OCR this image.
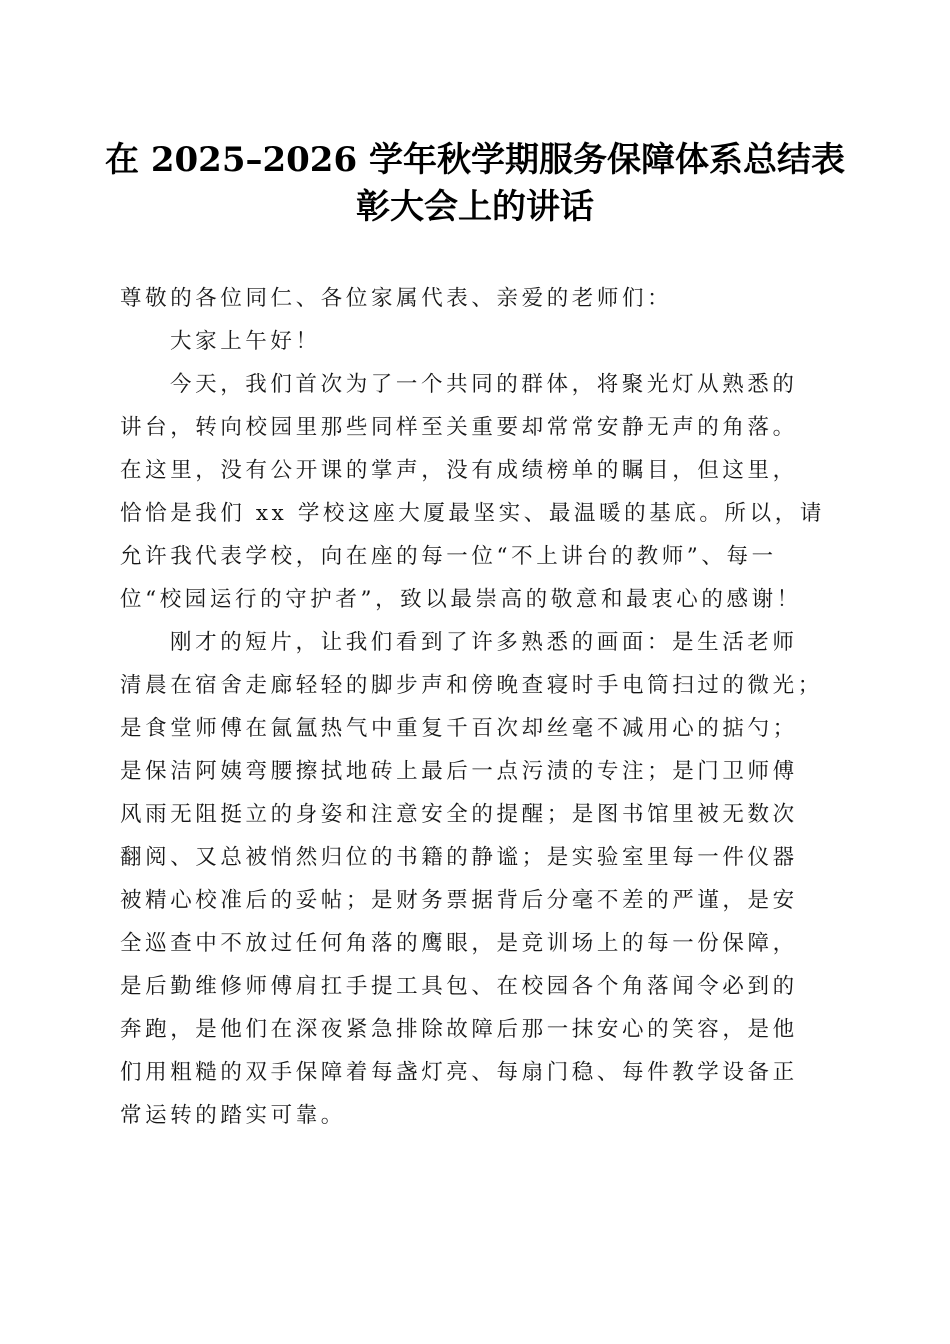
在 2025–2026 学年秋学期服务保障体系总结表
彰大会上的讲话
尊敬的各位同仁、各位家属代表、亲爱的老师们：
大家上午好！
今天，我们首次为了一个共同的群体，将聚光灯从熟悉的
讲台，转向校园里那些同样至关重要却常常安静无声的角落。
在这里，没有公开课的掌声，没有成绩榜单的瞩目，但这里，
恰恰是我们 xx 学校这座大厦最坚实、最温暖的基底。所以，请
允许我代表学校，向在座的每一位“不上讲台的教师”、每一
位“校园运行的守护者”，致以最崇高的敬意和最衷心的感谢！
刚才的短片，让我们看到了许多熟悉的画面：是生活老师
清晨在宿舍走廊轻轻的脚步声和傍晚查寝时手电筒扫过的微光；
是食堂师傅在氤氲热气中重复千百次却丝毫不减用心的掂勺；
是保洁阿姨弯腰擦拭地砖上最后一点污渍的专注；是门卫师傅
风雨无阻挺立的身姿和注意安全的提醒；是图书馆里被无数次
翻阅、又总被悄然归位的书籍的静谧；是实验室里每一件仪器
被精心校准后的妥帖；是财务票据背后分毫不差的严谨，是安
全巡查中不放过任何角落的鹰眼，是竞训场上的每一份保障，
是后勤维修师傅肩扛手提工具包、在校园各个角落闻令必到的
奔跑，是他们在深夜紧急排除故障后那一抹安心的笑容，是他
们用粗糙的双手保障着每盏灯亮、每扇门稳、每件教学设备正
常运转的踏实可靠。
